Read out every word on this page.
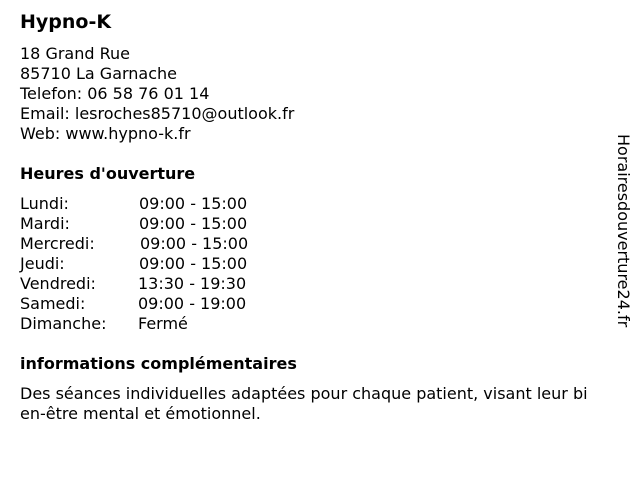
Hypno-K
18 Grand Rue
85710 La Garnache
Telefon: 06 58 76 01 14
Email: lesroches85710@outlook.fr
Web: www.hypno-k.fr
Heures d'ouverture
Lundi:	09:00 - 15:00
Mardi:	09:00 - 15:00
Mercredi:	09:00 - 15:00
Jeudi:	09:00 - 15:00
Vendredi:	13:30 - 19:30
Samedi:	09:00 - 19:00
Dimanche: Fermé
informations complémentaires
Des séances individuelles adaptées pour chaque patient, visant leur bi
en-être mental et émotionnel.
Horairesdouverture24.fr
